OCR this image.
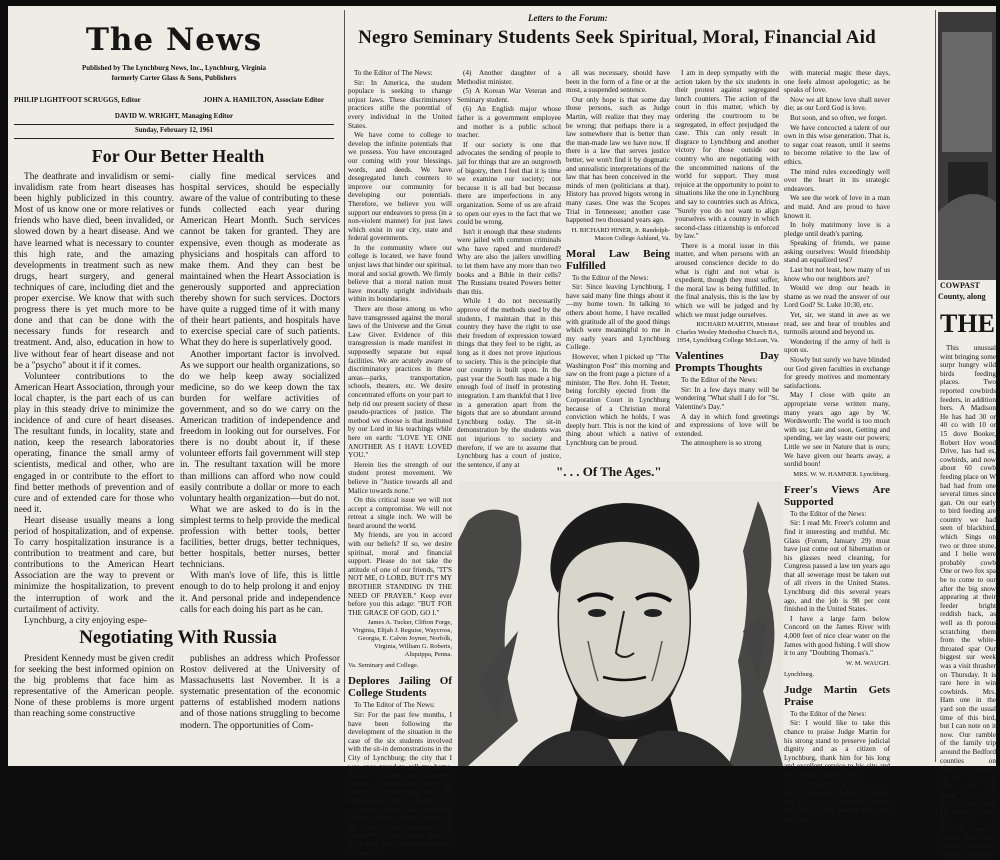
The News
Published by The Lynchburg News, Inc., Lynchburg, Virginia
formerly Carter Glass & Sons, Publishers
PHILIP LIGHTFOOT SCRUGGS, Editor	JOHN A. HAMILTON, Associate Editor
DAVID W. WRIGHT, Managing Editor
Sunday, February 12, 1961
For Our Better Health

The deathrate and invalidism or semi-invalidism rate from heart diseases has been highly publicized in this country. Most of us know one or more relatives or friends who have died, been invalided, or slowed down by a heart disease. And we have learned what is necessary to counter this high rate, and the amazing developments in treatment such as new drugs, heart surgery, and general techniques of care, including diet and the proper exercise. We know that with such progress there is yet much more to be done and that can be done with the necessary funds for research and treatment. And, also, education in how to live without fear of heart disease and not be a "psycho" about it if it comes.

Volunteer contributions to the American Heart Association, through your local chapter, is the part each of us can play in this steady drive to minimize the incidence of and cure of heart diseases. The resultant funds, in locality, state and nation, keep the research laboratories operating, finance the small army of scientists, medical and other, who are engaged in or contribute to the effort to find better methods of prevention and of cure and of extended care for those who need it.

Heart disease usually means a long period of hospitalization, and of expense. To carry hospitalization insurance is a contribution to treatment and care, but contributions to the American Heart Association are the way to prevent or minimize the hospitalization, to prevent the interruption of work and the curtailment of activity.

Lynchburg, a city enjoying espe-

cially fine medical services and hospital services, should be especially aware of the value of contributing to these funds collected each year during American Heart Month. Such services cannot be taken for granted. They are expensive, even though as moderate as physicians and hospitals can afford to make them. And they can best be maintained when the Heart Association is generously supported and appreciation thereby shown for such services. Doctors have quite a rugged time of it with many of their heart patients, and hospitals have to exercise special care of such patients. What they do here is superlatively good.

Another important factor is involved. As we support our health organizations, so do we help keep away socialized medicine, so do we keep down the tax burden for welfare activities of government, and so do we carry on the American tradition of independence and freedom in looking out for ourselves. For there is no doubt about it, if these volunteer efforts fail government will step in. The resultant taxation will be more than millions can afford who now could easily contribute a dollar or more to each voluntary health organization—but do not.

What we are asked to do is in the simplest terms to help provide the medical profession with better tools, better facilities, better drugs, better techniques, better hospitals, better nurses, better technicians.

With man's love of life, this is little enough to do to help prolong it and enjoy it. And personal pride and independence calls for each doing his part as he can.

Negotiating With Russia

President Kennedy must be given credit for seeking the best informed opinion on the big problems that face him as representative of the American people. None of these problems is more urgent than reaching some constructive

publishes an address which Professor Rostov delivered at the University of Massachusetts last November. It is a systematic presentation of the economic patterns of established modern nations and of those nations struggling to become modern. The opportunities of Com-

Letters to the Forum:
Negro Seminary Students Seek Spiritual, Moral, Financial Aid

To the Editor of The News:

Sir: In America, the student populace is seeking to change unjust laws. These discriminatory practices stifle the potential of every individual in the United States.

We have come to college to develop the infinite potentials that we possess. You have encouraged our coming with your blessings, words, and deeds. We have desegregated lunch counters to improve our community for developing our potentials. Therefore, we believe you will support our endeavors to press (in a non-violent manner) for just laws which exist in our city, state and federal governments.

In the community where our college is located, we have found unjust laws that hinder our spiritual, moral and social growth. We firmly believe that a moral nation must have morally upright individuals within its boundaries.

There are those among us who have transgressed against the moral laws of the Universe and the Great Law Giver. Evidence of this transgression is made manifest in supposedly separate but equal facilities. We are acutely aware of discriminatory practices in these areas—parks, transportation, schools, theaters, etc. We desire concentrated efforts on your part to help rid our present society of these pseudo-practices of justice. The method we choose is that instituted by our Lord in his teachings while here on earth: "LOVE YE ONE ANOTHER AS I HAVE LOVED YOU."

Herein lies the strength of our student protest movement. We believe in "Justice towards all and Malice towards none."

On this critical issue we will not accept a compromise. We will not retreat a single inch. We will be heard around the world.

My friends, are you in accord with our beliefs? If so, we desire spiritual, moral and financial support. Please do not take the attitude of one of our friends, "IT'S NOT ME, O LORD, BUT IT'S MY BROTHER STANDING IN THE NEED OF PRAYER." Keep ever before you this adage: "BUT FOR THE GRACE OF GOD, GO I."

James A. Tucker, Clifton Forge, Virginia, Elijah J. Reguise, Waycross, Georgia, E. Calvin Joyner, Norfolk, Virginia, William G. Roberts, Aliquippa, Penna.
Va. Seminary and College.
Deplores Jailing Of College Students

To The Editor of The News:

Sir: For the past few months, I have been following the development of the situation in the case of the six students involved with the sit-in demonstrations in the City of Lynchburg; the city that I was once proud to call my home. While watching the situation progress, I had enough faith in the people of Lynchburg and the Corporation Court to think that a reasonable solution and punishment (short of jailing) could be reached if the Court felt that punishment was necessary. Words cannot describe the feeling that I experienced when I learned of

(4) Another daughter of a Methodist minister.

(5) A Korean War Veteran and Seminary student.

(6) An English major whose father is a government employee and mother is a public school teacher.

If our society is one that advocates the sending of people to jail for things that are an outgrowth of bigotry, then I feel that it is time we examine our society; not because it is all bad but because there are imperfections in any organization. Some of us are afraid to open our eyes to the fact that we could be wrong.

Isn't it enough that these students were jailed with common criminals who have raped and murdered? Why are also the jailers unwilling to let them have any more than two books and a Bible in their cells? The Russians treated Powers better than this.

While I do not necessarily approve of the methods used by the students, I maintain that in this country they have the right to use their freedom of expression toward things that they feel to be right, as long as it does not prove injurious to society. This is the principle that our country is built upon. In the past year the South has made a big enough fool of itself in protesting integration. I am thankful that I live in a generation apart from the bigots that are so abundant around Lynchburg today. The sit-in demonstration by the students was not injurious to society and therefore, if we are to assume that Lynchburg has a court of justice, the sentence, if any at

all was necessary, should have been in the form of a fine or at the most, a suspended sentence.

Our only hope is that some day those persons, such as Judge Martin, will realize that they may be wrong; that perhaps there is a law somewhere that is better than the man-made law we have now. If there is a law that serves justice better, we won't find it by dogmatic and unrealistic interpretations of the law that has been conceived in the minds of men (politicians at that). History has proved bigots wrong in many cases. One was the Scopes Trial in Tennessee; another case happened two thousand years ago.

H. RICHARD HINER, Jr. Randolph-Macon College Ashland, Va.
Moral Law Being Fulfilled

To the Editor of the News:

Sir: Since leaving Lynchburg, I have said many fine things about it—my home town. In talking to others about home, I have recalled with gratitude all of the good things which were meaningful to me in my early years and Lynchburg College.

However, when I picked up "The Washington Post" this morning and saw on the front page a picture of a minister, The Rev. John H. Teeter, being forcibly ejected from the Corporation Court in Lynchburg because of a Christian moral conviction which he holds, I was deeply hurt. This is not the kind of thing about which a native of Lynchburg can be proud.

I am in deep sympathy with the action taken by the six students in their protest against segregated lunch counters. The action of the court in this matter, which by ordering the courtroom to be segregated, in effect prejudged the case. This can only result in disgrace to Lynchburg and another victory for those outside our country who are negotiating with the uncommitted nations of the world for support. They must rejoice at the opportunity to point to situations like the one in Lynchburg and say to countries such as Africa, "Surely you do not want to align yourselves with a country in which second-class citizenship is enforced by law."

There is a moral issue in this matter, and when persons with an aroused conscience decide to do what is right and not what is expedient, though they must suffer, the moral law is being fulfilled. In the final analysis, this is the law by which we will be judged and by which we must judge ourselves.

RICHARD MARTIN, Minister Charles Wesley Methodist Church BA, 1954, Lynchburg College McLean, Va.
Valentines Day Prompts Thoughts

To the Editor of the News:

Sir: In a few days many will be wondering "What shall I do for "St. Valentine's Day."

A day in which fond greetings and expressions of love will be extended.

The atmosphere is so strong

with material magic these days, one feels almost apologetic; as he speaks of love.

Now we all know love shall never die; as our Lord God is love.

But soon, and so often, we forget.

We have concocted a talent of our own in this wise generation. That is, to sugar coat reason, until it seems to become relative to the law of ethics.

The mind rules exceedingly well over the heart in its strategic endeavors.

We see the work of love in a man and maid. And are proud to have known it.

In holy matrimony love is a pledge until death's parting.

Speaking of friends, we pause asking ourselves: Would friendship stand an equalized test?

Last but not least, how many of us know who our neighbors are?

Would we drop our heads in shame as we read the answer of our Lord God? St. Luke 10:30, etc.

Yet, sir, we stand in awe as we read, see and hear of troubles and turmoils around and beyond us.

Wondering if the army of hell is upon us.

Slowly but surely we have blinded our God given faculties in exchange for greedy motives and momentary satisfactions.

May I close with quite an appropriate verse written many, many years ago age by W. Wordsworth: The world is too much with us; Late and soon, Getting and spending, we lay waste our powers; Little we see in Nature that is ours; We have given our hearts away, a sordid boon!

MRS. W. W. HAMNER. Lynchburg.
Freer's Views Are Supported

To the Editor of the News:

Sir: I read Mr. Freer's column and find it interesting and truthful. Mr. Glass (Forum, January 29) must have just come out of hibernation or his glasses need cleaning, for Congress passed a law ten years ago that all sewerage must be taken out of all rivers in the United States. Lynchburg did this several years ago, and the job is 98 per cent finished in the United States.

I have a large farm below Concord on the James River with 4,000 feet of nice clear water on the James with good fishing. I will show it to any "Doubting Thomas's."

W. M. WAUGH.
Lynchburg.
Judge Martin Gets Praise

To the Editor of the News:

Sir: I would like to take this chance to praise Judge Martin for his strong stand to preserve judicial dignity and as a citizen of Lynchburg, thank him for his long and excellent service to his city and state in the cause of justice.

I am thankful that I have never been a defendant before his court, but if I were a defendant, I would feel sure of a fair hearing and a just decision.

". . . Of The Ages."
COWPAST
County, along
THE

This unusual wint bringing some surpr hungry wild birds feeding places. Two reported cowbirds feeders, in addition bers. A Madison He has had 30 or 40 co with 10 or 15 dove Booker, Robert Hov wood Drive, has had es, cowbirds, and now about 60 cowb feeding place on W had had from one several times since gan. On our early to bird feeding are country we had seen of blackbird, which Sings on two or three stone, and I belie were probably cowb One or two fox spa be to come to our after the big snow appearing at their feeder bright reddish back, as well as th porous scratching them from the white-throated spar Our biggest sur week was a visit thrasher on Thursday. It is rare here in win cowbirds. Mrs. Ham one in the yard son the usual time of this bird, but I can note on it now. Our ramble of the family trip around the Bedford counties on afternoon. The rout on US 29 to its inter route 24, about 12 m city. We followed about 16 miles to route 43, which to Bedford. Here we 122 to Big Island back to Lynchburg. route for seeing the
